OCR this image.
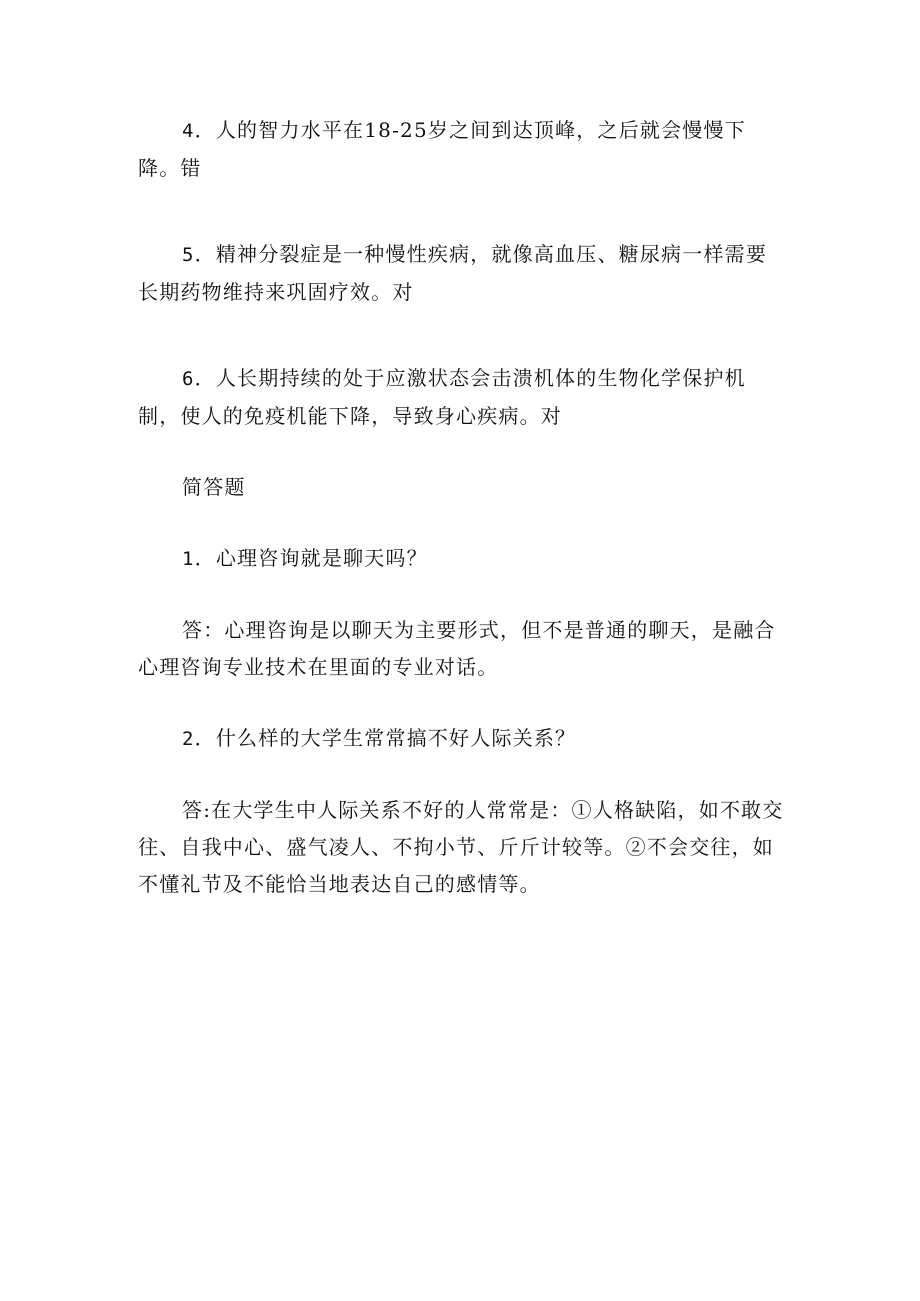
4．人的智力水平在18-25岁之间到达顶峰，之后就会慢慢下降。错

5．精神分裂症是一种慢性疾病，就像高血压、糖尿病一样需要长期药物维持来巩固疗效。对

6．人长期持续的处于应激状态会击溃机体的生物化学保护机制，使人的免疫机能下降，导致身心疾病。对

简答题

1．心理咨询就是聊天吗？

答：心理咨询是以聊天为主要形式，但不是普通的聊天，是融合心理咨询专业技术在里面的专业对话。

2．什么样的大学生常常搞不好人际关系？

答:在大学生中人际关系不好的人常常是：①人格缺陷，如不敢交往、自我中心、盛气凌人、不拘小节、斤斤计较等。②不会交往，如不懂礼节及不能恰当地表达自己的感情等。
